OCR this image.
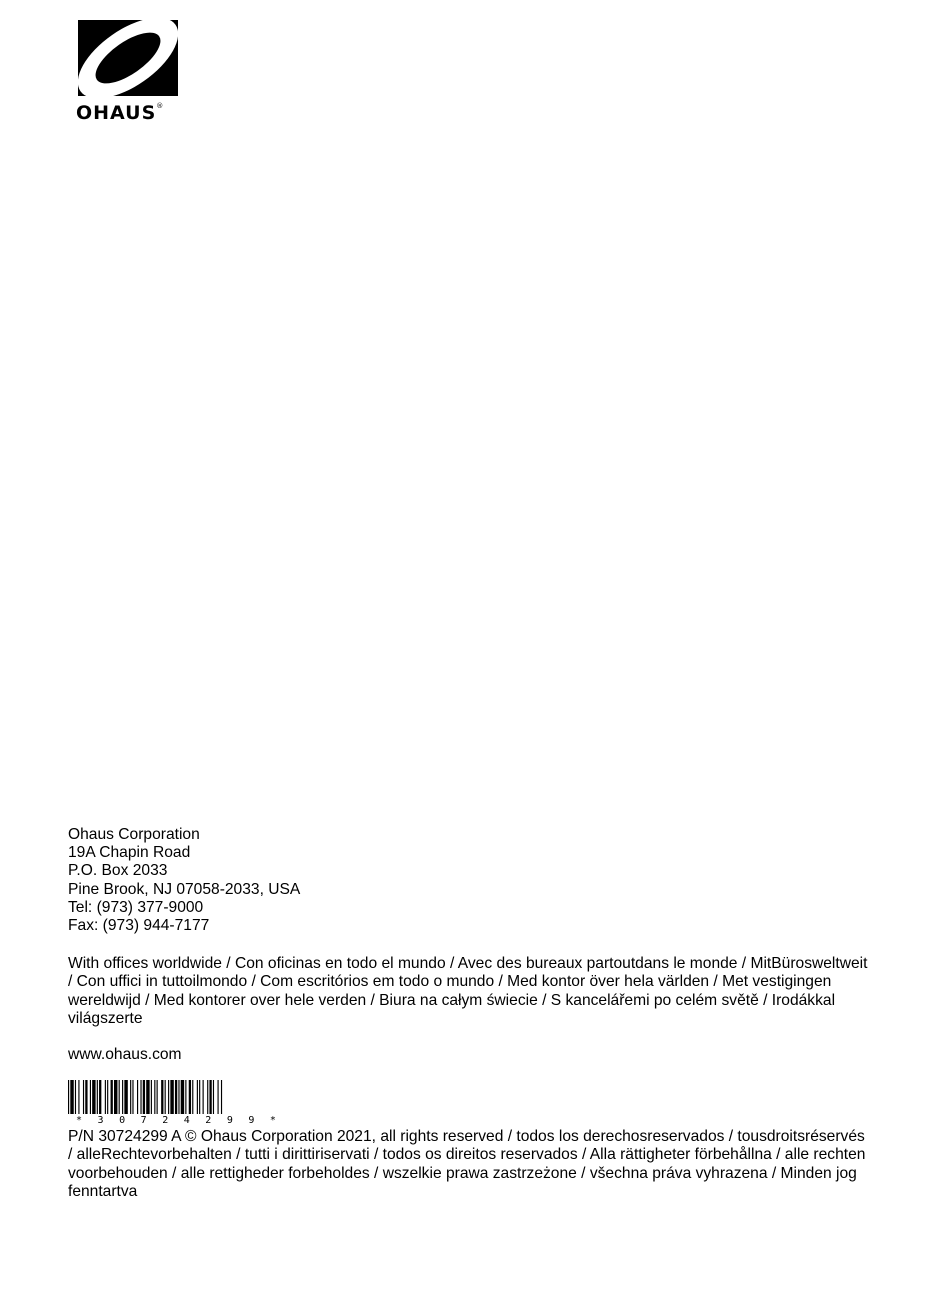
OHAUS®
Ohaus Corporation
19A Chapin Road
P.O. Box 2033
Pine Brook, NJ 07058-2033, USA
Tel: (973) 377-9000
Fax: (973) 944-7177
With offices worldwide / Con oficinas en todo el mundo / Avec des bureaux partoutdans le monde / MitBürosweltweit / Con uffici in tuttoilmondo / Com escritórios em todo o mundo / Med kontor över hela världen / Met vestigingen wereldwijd / Med kontorer over hele verden / Biura na całym świecie / S kancelářemi po celém světě / Irodákkal világszerte
www.ohaus.com
* 3 0 7 2 4 2 9 9 *
P/N 30724299 A © Ohaus Corporation 2021, all rights reserved / todos los derechosreservados / tousdroitsréservés / alleRechtevorbehalten / tutti i dirittiriservati / todos os direitos reservados / Alla rättigheter förbehållna / alle rechten voorbehouden / alle rettigheder forbeholdes / wszelkie prawa zastrzeżone / všechna práva vyhrazena / Minden jog fenntartva
